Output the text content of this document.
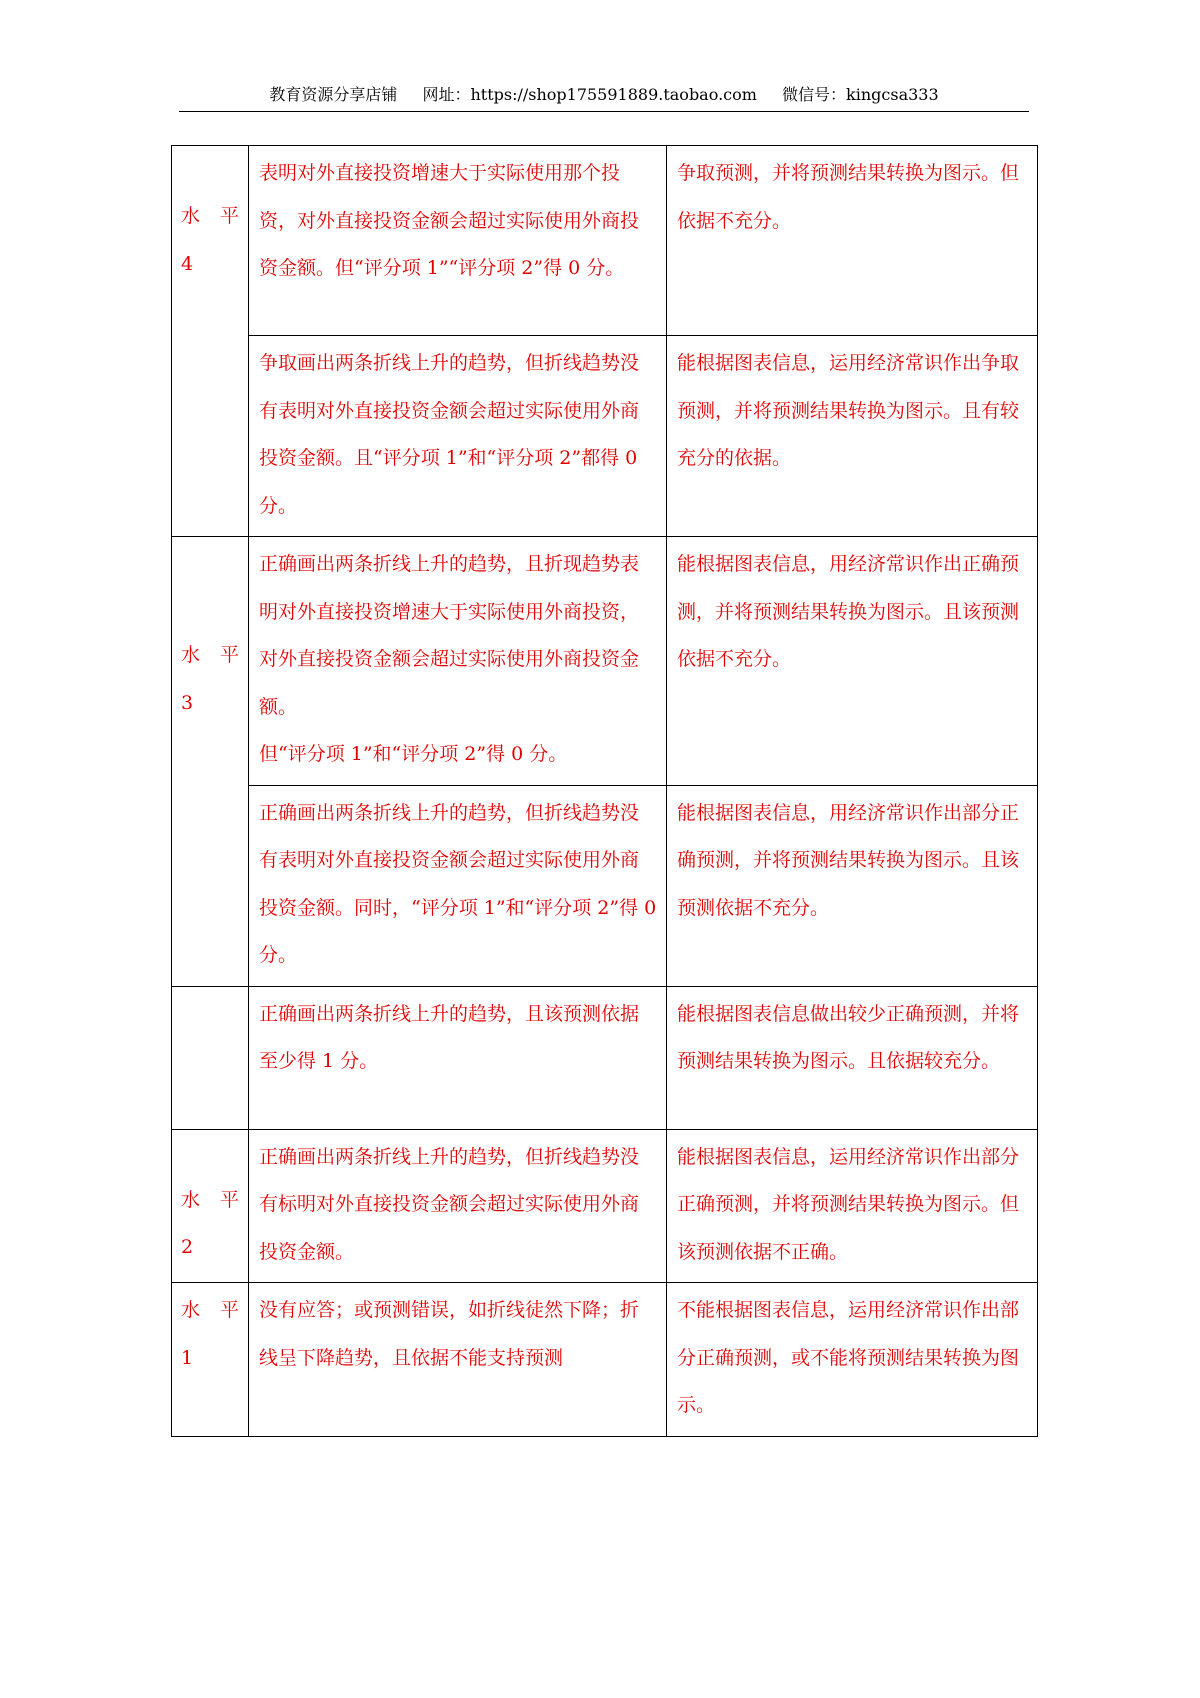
教育资源分享店铺 网址：https://shop175591889.taobao.com 微信号：kingcsa333
水 平
4	表明对外直接投资增速大于实际使用那个投资，对外直接投资金额会超过实际使用外商投资金额。但“评分项 1”“评分项 2”得 0 分。	争取预测，并将预测结果转换为图示。但依据不充分。

	争取画出两条折线上升的趋势，但折线趋势没有表明对外直接投资金额会超过实际使用外商投资金额。且“评分项 1”和“评分项 2”都得 0 分。	能根据图表信息，运用经济常识作出争取预测，并将预测结果转换为图示。且有较充分的依据。

水 平
3	正确画出两条折线上升的趋势，且折现趋势表明对外直接投资增速大于实际使用外商投资，对外直接投资金额会超过实际使用外商投资金额。
但“评分项 1”和“评分项 2”得 0 分。	能根据图表信息，用经济常识作出正确预测，并将预测结果转换为图示。且该预测依据不充分。

	正确画出两条折线上升的趋势，但折线趋势没有表明对外直接投资金额会超过实际使用外商投资金额。同时，“评分项 1”和“评分项 2”得 0 分。	能根据图表信息，用经济常识作出部分正确预测，并将预测结果转换为图示。且该预测依据不充分。

	正确画出两条折线上升的趋势，且该预测依据至少得 1 分。	能根据图表信息做出较少正确预测，并将预测结果转换为图示。且依据较充分。

水 平
2	正确画出两条折线上升的趋势，但折线趋势没有标明对外直接投资金额会超过实际使用外商投资金额。	能根据图表信息，运用经济常识作出部分正确预测，并将预测结果转换为图示。但该预测依据不正确。

水 平
1	没有应答；或预测错误，如折线徒然下降；折线呈下降趋势，且依据不能支持预测	不能根据图表信息，运用经济常识作出部分正确预测，或不能将预测结果转换为图示。
